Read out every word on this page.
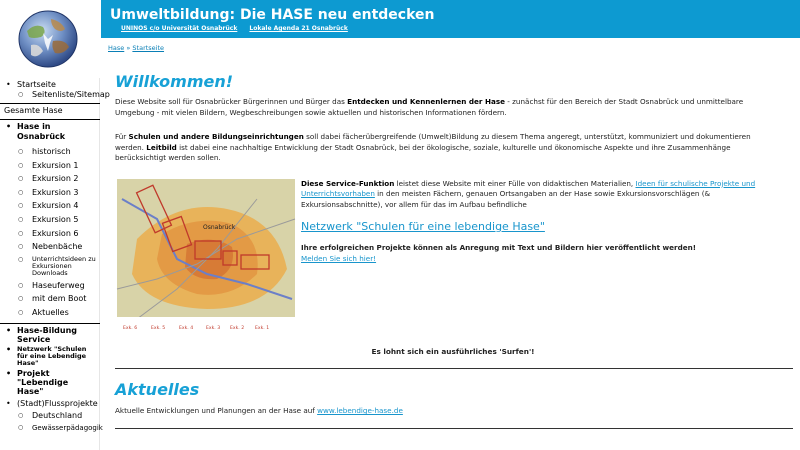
• Startseite
○ Seitenliste/Sitemap
Gesamte Hase
• Hase in Osnabrück
○ historisch
○ Exkursion 1
○ Exkursion 2
○ Exkursion 3
○ Exkursion 4
○ Exkursion 5
○ Exkursion 6
○ Nebenbäche
○ Unterrichtsideen zu Exkursionen Downloads
○ Haseuferweg
○ mit dem Boot
○ Aktuelles
• Hase-Bildung Service
• Netzwerk "Schulen für eine Lebendige Hase"
• Projekt "Lebendige Hase"
• (Stadt)Flussprojekte
○ Deutschland
○ Gewässerpädagogik
Umweltbildung: Die HASE neu entdecken
UNINOS c/o Universität Osnabrück Lokale Agenda 21 Osnabrück
Hase » Startseite
Willkommen!
Diese Website soll für Osnabrücker Bürgerinnen und Bürger das Entdecken und Kennenlernen der Hase - zunächst für den Bereich der Stadt Osnabrück und unmittelbare Umgebung - mit vielen Bildern, Wegbeschreibungen sowie aktuellen und historischen Informationen fördern.
Für Schulen und andere Bildungseinrichtungen soll dabei fächerübergreifende (Umwelt)Bildung zu diesem Thema angeregt, unterstützt, kommuniziert und dokumentieren werden. Leitbild ist dabei eine nachhaltige Entwicklung der Stadt Osnabrück, bei der ökologische, soziale, kulturelle und ökonomische Aspekte und ihre Zusammenhänge berücksichtigt werden sollen.
Osnabrück
Exk. 6	Exk. 5	Exk. 4	Exk. 3 Exk. 2 Exk. 1
Diese Service-Funktion leistet diese Website mit einer Fülle von didaktischen Materialien, Ideen für schulische Projekte und Unterrichtsvorhaben in den meisten Fächern, genauen Ortsangaben an der Hase sowie Exkursionsvorschlägen (& Exkursionsabschnitte), vor allem für das im Aufbau befindliche
Netzwerk "Schulen für eine lebendige Hase"
Ihre erfolgreichen Projekte können als Anregung mit Text und Bildern hier veröffentlicht werden!
Melden Sie sich hier!
Es lohnt sich ein ausführliches 'Surfen'!
Aktuelles
Aktuelle Entwicklungen und Planungen an der Hase auf www.lebendige-hase.de
